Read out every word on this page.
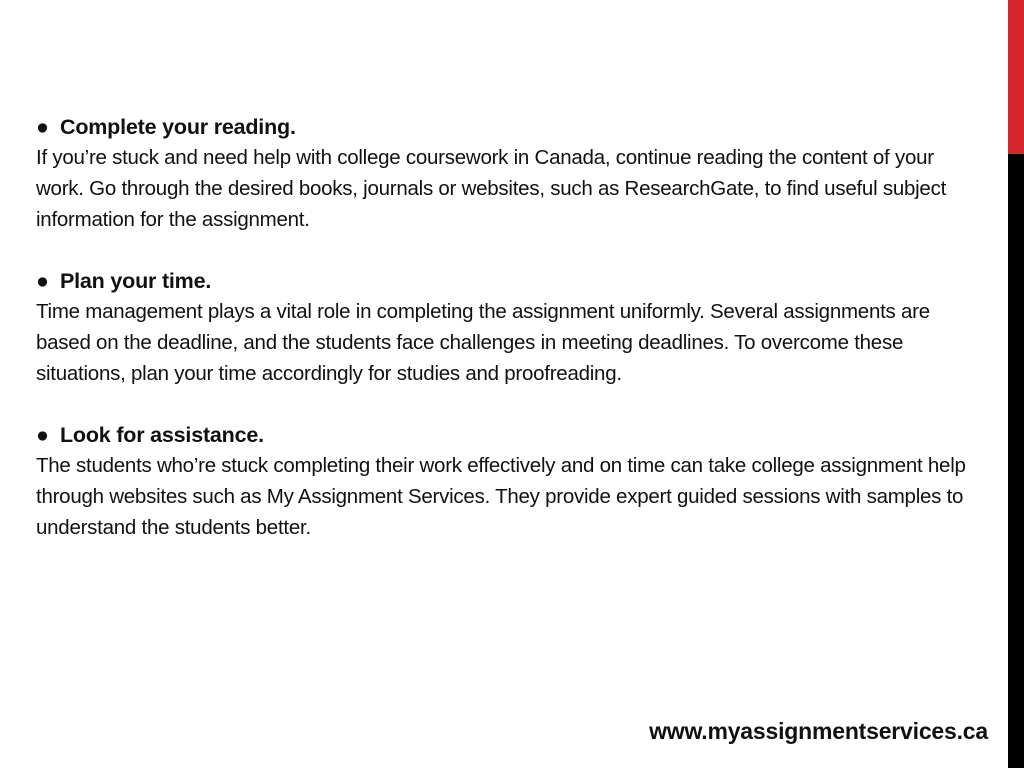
● Complete your reading.

If you’re stuck and need help with college coursework in Canada, continue reading the content of your work. Go through the desired books, journals or websites, such as ResearchGate, to find useful subject information for the assignment.

● Plan your time.

Time management plays a vital role in completing the assignment uniformly. Several assignments are based on the deadline, and the students face challenges in meeting deadlines. To overcome these situations, plan your time accordingly for studies and proofreading.

● Look for assistance.

The students who’re stuck completing their work effectively and on time can take college assignment help through websites such as My Assignment Services. They provide expert guided sessions with samples to understand the students better.

www.myassignmentservices.ca
